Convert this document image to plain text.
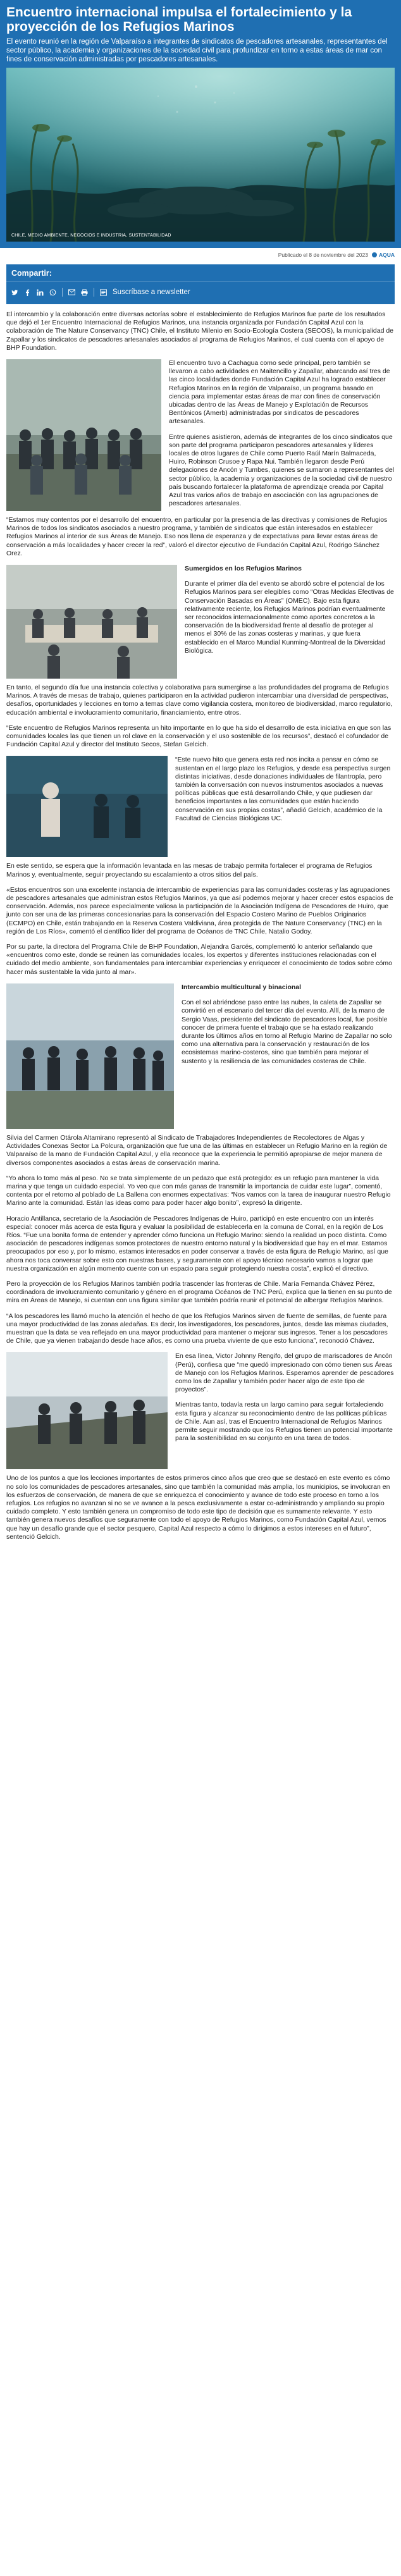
Encuentro internacional impulsa el fortalecimiento y la proyección de los Refugios Marinos

El evento reunió en la región de Valparaíso a integrantes de sindicatos de pescadores artesanales, representantes del sector público, la academia y organizaciones de la sociedad civil para profundizar en torno a estas áreas de mar con fines de conservación administradas por pescadores artesanales.

CHILE, MEDIO AMBIENTE, NEGOCIOS E INDUSTRIA, SUSTENTABILIDAD
Publicado el 8 de noviembre del 2023 AQUA
Compartir:
Suscríbase a newsletter

El intercambio y la colaboración entre diversas actorías sobre el establecimiento de Refugios Marinos fue parte de los resultados que dejó el 1er Encuentro Internacional de Refugios Marinos, una instancia organizada por Fundación Capital Azul con la colaboración de The Nature Conservancy (TNC) Chile, el Instituto Milenio en Socio-Ecología Costera (SECOS), la municipalidad de Zapallar y los sindicatos de pescadores artesanales asociados al programa de Refugios Marinos, el cual cuenta con el apoyo de BHP Foundation.

El encuentro tuvo a Cachagua como sede principal, pero también se llevaron a cabo actividades en Maitencillo y Zapallar, abarcando así tres de las cinco localidades donde Fundación Capital Azul ha logrado establecer Refugios Marinos en la región de Valparaíso, un programa basado en ciencia para implementar estas áreas de mar con fines de conservación ubicadas dentro de las Áreas de Manejo y Explotación de Recursos Bentónicos (Amerb) administradas por sindicatos de pescadores artesanales.

Entre quienes asistieron, además de integrantes de los cinco sindicatos que son parte del programa participaron pescadores artesanales y líderes locales de otros lugares de Chile como Puerto Raúl Marín Balmaceda, Huiro, Robinson Crusoe y Rapa Nui. También llegaron desde Perú delegaciones de Ancón y Tumbes, quienes se sumaron a representantes del sector público, la academia y organizaciones de la sociedad civil de nuestro país buscando fortalecer la plataforma de aprendizaje creada por Capital Azul tras varios años de trabajo en asociación con las agrupaciones de pescadores artesanales.

“Estamos muy contentos por el desarrollo del encuentro, en particular por la presencia de las directivas y comisiones de Refugios Marinos de todos los sindicatos asociados a nuestro programa, y también de sindicatos que están interesados en establecer Refugios Marinos al interior de sus Áreas de Manejo. Eso nos llena de esperanza y de expectativas para llevar estas áreas de conservación a más localidades y hacer crecer la red”, valoró el director ejecutivo de Fundación Capital Azul, Rodrigo Sánchez Orez.

Sumergidos en los Refugios Marinos

Durante el primer día del evento se abordó sobre el potencial de los Refugios Marinos para ser elegibles como “Otras Medidas Efectivas de Conservación Basadas en Áreas” (OMEC). Bajo esta figura relativamente reciente, los Refugios Marinos podrían eventualmente ser reconocidos internacionalmente como aportes concretos a la conservación de la biodiversidad frente al desafío de proteger al menos el 30% de las zonas costeras y marinas, y que fuera establecido en el Marco Mundial Kunming-Montreal de la Diversidad Biológica.

En tanto, el segundo día fue una instancia colectiva y colaborativa para sumergirse a las profundidades del programa de Refugios Marinos. A través de mesas de trabajo, quienes participaron en la actividad pudieron intercambiar una diversidad de perspectivas, desafíos, oportunidades y lecciones en torno a temas clave como vigilancia costera, monitoreo de biodiversidad, marco regulatorio, educación ambiental e involucramiento comunitario, financiamiento, entre otros.

“Este encuentro de Refugios Marinos representa un hito importante en lo que ha sido el desarrollo de esta iniciativa en que son las comunidades locales las que tienen un rol clave en la conservación y el uso sostenible de los recursos”, destacó el cofundador de Fundación Capital Azul y director del Instituto Secos, Stefan Gelcich.

“Este nuevo hito que genera esta red nos incita a pensar en cómo se sustentan en el largo plazo los Refugios, y desde esa perspectiva surgen distintas iniciativas, desde donaciones individuales de filantropía, pero también la conversación con nuevos instrumentos asociados a nuevas políticas públicas que está desarrollando Chile, y que pudiesen dar beneficios importantes a las comunidades que están haciendo conservación en sus propias costas”, añadió Gelcich, académico de la Facultad de Ciencias Biológicas UC.

En este sentido, se espera que la información levantada en las mesas de trabajo permita fortalecer el programa de Refugios Marinos y, eventualmente, seguir proyectando su escalamiento a otros sitios del país.

«Estos encuentros son una excelente instancia de intercambio de experiencias para las comunidades costeras y las agrupaciones de pescadores artesanales que administran estos Refugios Marinos, ya que así podemos mejorar y hacer crecer estos espacios de conservación. Además, nos parece especialmente valiosa la participación de la Asociación Indígena de Pescadores de Huiro, que junto con ser una de las primeras concesionarias para la conservación del Espacio Costero Marino de Pueblos Originarios (ECMPO) en Chile, están trabajando en la Reserva Costera Valdiviana, área protegida de The Nature Conservancy (TNC) en la región de Los Ríos», comentó el científico líder del programa de Océanos de TNC Chile, Natalio Godoy.

Por su parte, la directora del Programa Chile de BHP Foundation, Alejandra Garcés, complementó lo anterior señalando que «encuentros como este, donde se reúnen las comunidades locales, los expertos y diferentes instituciones relacionadas con el cuidado del medio ambiente, son fundamentales para intercambiar experiencias y enriquecer el conocimiento de todos sobre cómo hacer más sustentable la vida junto al mar».

Intercambio multicultural y binacional

Con el sol abriéndose paso entre las nubes, la caleta de Zapallar se convirtió en el escenario del tercer día del evento. Allí, de la mano de Sergio Vaas, presidente del sindicato de pescadores local, fue posible conocer de primera fuente el trabajo que se ha estado realizando durante los últimos años en torno al Refugio Marino de Zapallar no solo como una alternativa para la conservación y restauración de los ecosistemas marino-costeros, sino que también para mejorar el sustento y la resiliencia de las comunidades costeras de Chile.

Silvia del Carmen Otárola Altamirano representó al Sindicato de Trabajadores Independientes de Recolectores de Algas y Actividades Conexas Sector La Polcura, organización que fue una de las últimas en establecer un Refugio Marino en la región de Valparaíso de la mano de Fundación Capital Azul, y ella reconoce que la experiencia le permitió apropiarse de mejor manera de diversos componentes asociados a estas áreas de conservación marina.

“Yo ahora lo tomo más al peso. No se trata simplemente de un pedazo que está protegido: es un refugio para mantener la vida marina y que tenga un cuidado especial. Yo veo que con más ganas de transmitir la importancia de cuidar este lugar”, comentó, contenta por el retorno al poblado de La Ballena con enormes expectativas: “Nos vamos con la tarea de inaugurar nuestro Refugio Marino ante la comunidad. Están las ideas como para poder hacer algo bonito”, expresó la dirigente.

Horacio Antillanca, secretario de la Asociación de Pescadores Indígenas de Huiro, participó en este encuentro con un interés especial: conocer más acerca de esta figura y evaluar la posibilidad de establecerla en la comuna de Corral, en la región de Los Ríos. “Fue una bonita forma de entender y aprender cómo funciona un Refugio Marino: siendo la realidad un poco distinta. Como asociación de pescadores indígenas somos protectores de nuestro entorno natural y la biodiversidad que hay en el mar. Estamos preocupados por eso y, por lo mismo, estamos interesados en poder conservar a través de esta figura de Refugio Marino, así que ahora nos toca conversar sobre esto con nuestras bases, y seguramente con el apoyo técnico necesario vamos a lograr que nuestra organización en algún momento cuente con un espacio para seguir protegiendo nuestra costa”, explicó el directivo.

Pero la proyección de los Refugios Marinos también podría trascender las fronteras de Chile. María Fernanda Chávez Pérez, coordinadora de involucramiento comunitario y género en el programa Océanos de TNC Perú, explica que la tienen en su punto de mira en Áreas de Manejo, si cuentan con una figura similar que también podría reunir el potencial de albergar Refugios Marinos.

“A los pescadores les llamó mucho la atención el hecho de que los Refugios Marinos sirven de fuente de semillas, de fuente para una mayor productividad de las zonas aledañas. Es decir, los investigadores, los pescadores, juntos, desde las mismas ciudades, muestran que la data se vea reflejado en una mayor productividad para mantener o mejorar sus ingresos. Tener a los pescadores de Chile, que ya vienen trabajando desde hace años, es como una prueba viviente de que esto funciona”, reconoció Chávez.

En esa línea, Victor Johnny Rengifo, del grupo de mariscadores de Ancón (Perú), confiesa que “me quedó impresionado con cómo tienen sus Áreas de Manejo con los Refugios Marinos. Esperamos aprender de pescadores como los de Zapallar y también poder hacer algo de este tipo de proyectos”.

Mientras tanto, todavía resta un largo camino para seguir fortaleciendo esta figura y alcanzar su reconocimiento dentro de las políticas públicas de Chile. Aun así, tras el Encuentro Internacional de Refugios Marinos permite seguir mostrando que los Refugios tienen un potencial importante para la sostenibilidad en su conjunto en una tarea de todos.

Uno de los puntos a que los lecciones importantes de estos primeros cinco años que creo que se destacó en este evento es cómo no solo los comunidades de pescadores artesanales, sino que también la comunidad más amplia, los municipios, se involucran en los esfuerzos de conservación, de manera de que se enriquezca el conocimiento y avance de todo este proceso en torno a los refugios. Los refugios no avanzan si no se ve avance a la pesca exclusivamente a estar co-administrando y ampliando su propio cuidado completo. Y esto también genera un compromiso de todo este tipo de decisión que es sumamente relevante. Y esto también genera nuevos desafíos que seguramente con todo el apoyo de Refugios Marinos, como Fundación Capital Azul, vemos que hay un desafío grande que el sector pesquero, Capital Azul respecto a cómo lo dirigimos a estos intereses en el futuro”, sentenció Gelcich.
